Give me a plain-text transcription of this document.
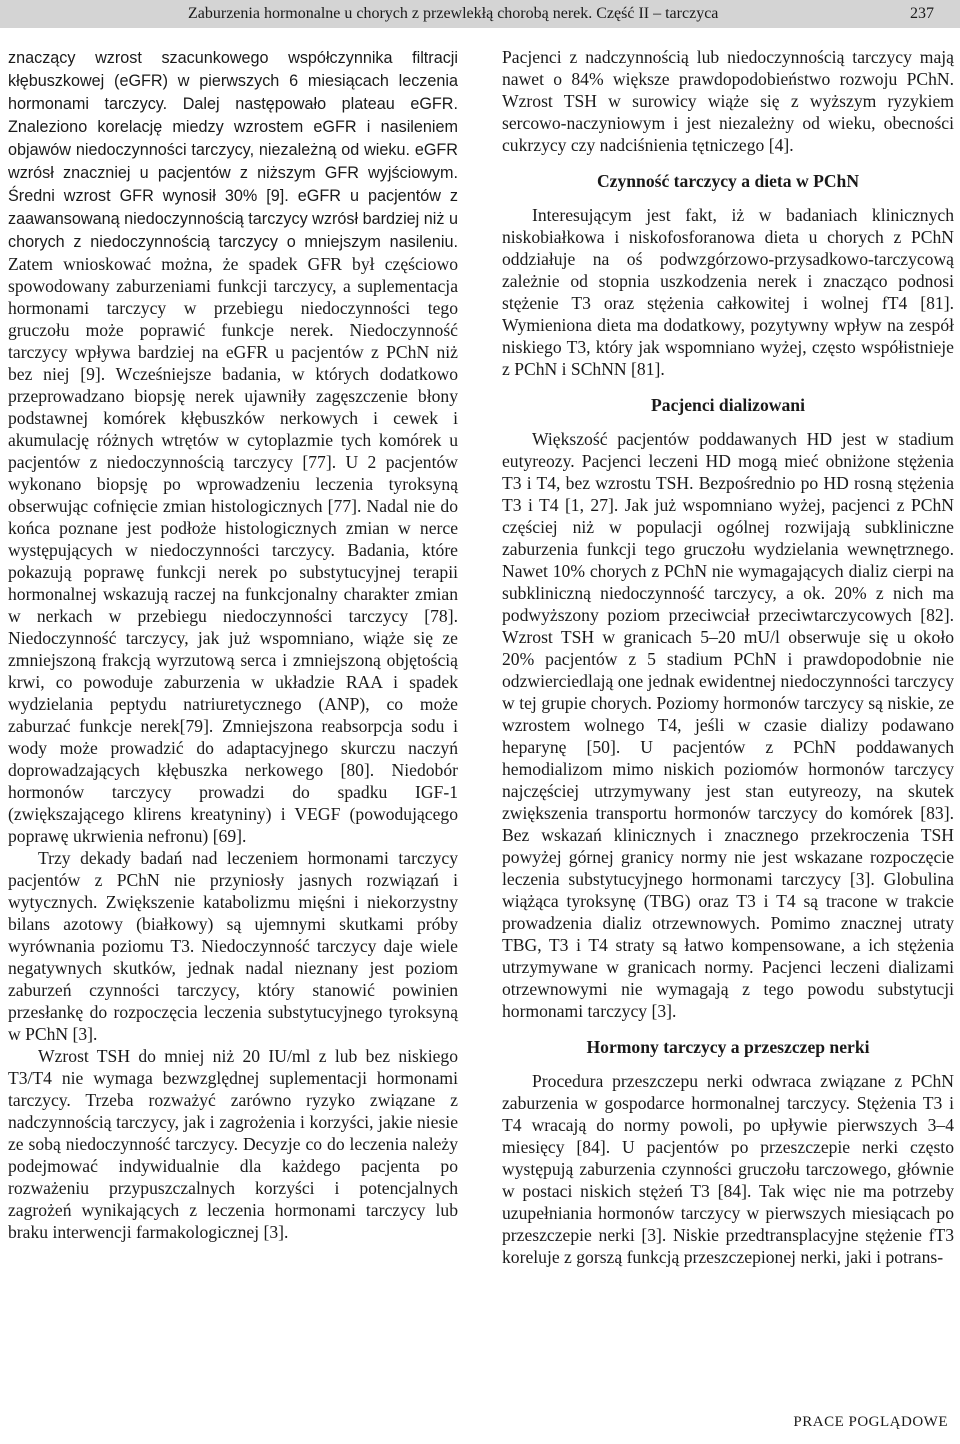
Zaburzenia hormonalne u chorych z przewlekłą chorobą nerek. Część II – tarczyca	237

znaczący wzrost szacunkowego współczynnika filtracji kłębuszkowej (eGFR) w pierwszych 6 miesiącach leczenia hormonami tarczycy. Dalej następowało plateau eGFR. Znaleziono korelację miedzy wzrostem eGFR i nasileniem objawów niedoczynności tarczycy, niezależną od wieku. eGFR wzrósł znaczniej u pacjentów z niższym GFR wyjściowym. Średni wzrost GFR wynosił 30% [9]. eGFR u pacjentów z zaawansowaną niedoczynnością tarczycy wzrósł bardziej niż u chorych z niedoczynnością tarczycy o mniejszym nasileniu. Zatem wnioskować można, że spadek GFR był częściowo spowodowany zaburzeniami funkcji tarczycy, a suplementacja hormonami tarczycy w przebiegu niedoczynności tego gruczołu może poprawić funkcje nerek. Niedoczynność tarczycy wpływa bardziej na eGFR u pacjentów z PChN niż bez niej [9]. Wcześniejsze badania, w których dodatkowo przeprowadzano biopsję nerek ujawniły zagęszczenie błony podstawnej komórek kłębuszków nerkowych i cewek i akumulację różnych wtrętów w cytoplazmie tych komórek u pacjentów z niedoczynnością tarczycy [77]. U 2 pacjentów wykonano biopsję po wprowadzeniu leczenia tyroksyną obserwując cofnięcie zmian histologicznych [77]. Nadal nie do końca poznane jest podłoże histologicznych zmian w nerce występujących w niedoczynności tarczycy. Badania, które pokazują poprawę funkcji nerek po substytucyjnej terapii hormonalnej wskazują raczej na funkcjonalny charakter zmian w nerkach w przebiegu niedoczynności tarczycy [78]. Niedoczynność tarczycy, jak już wspomniano, wiąże się ze zmniejszoną frakcją wyrzutową serca i zmniejszoną objętością krwi, co powoduje zaburzenia w układzie RAA i spadek wydzielania peptydu natriuretycznego (ANP), co może zaburzać funkcje nerek[79]. Zmniejszona reabsorpcja sodu i wody może prowadzić do adaptacyjnego skurczu naczyń doprowadzających kłębuszka nerkowego [80]. Niedobór hormonów tarczycy prowadzi do spadku IGF-1 (zwiększającego klirens kreatyniny) i VEGF (powodującego poprawę ukrwienia nefronu) [69].

Trzy dekady badań nad leczeniem hormonami tarczycy pacjentów z PChN nie przyniosły jasnych rozwiązań i wytycznych. Zwiększenie katabolizmu mięśni i niekorzystny bilans azotowy (białkowy) są ujemnymi skutkami próby wyrównania poziomu T3. Niedoczynność tarczycy daje wiele negatywnych skutków, jednak nadal nieznany jest poziom zaburzeń czynności tarczycy, który stanowić powinien przesłankę do rozpoczęcia leczenia substytucyjnego tyroksyną w PChN [3].

Wzrost TSH do mniej niż 20 IU/ml z lub bez niskiego T3/T4 nie wymaga bezwzględnej suplementacji hormonami tarczycy. Trzeba rozważyć zarówno ryzyko związane z nadczynnością tarczycy, jak i zagrożenia i korzyści, jakie niesie ze sobą niedoczynność tarczycy. Decyzje co do leczenia należy podejmować indywidualnie dla każdego pacjenta po rozważeniu przypuszczalnych korzyści i potencjalnych zagrożeń wynikających z leczenia hormonami tarczycy lub braku interwencji farmakologicznej [3].

Pacjenci z nadczynnością lub niedoczynnością tarczycy mają nawet o 84% większe prawdopodobieństwo rozwoju PChN. Wzrost TSH w surowicy wiąże się z wyższym ryzykiem sercowo-naczyniowym i jest niezależny od wieku, obecności cukrzycy czy nadciśnienia tętniczego [4].

Czynność tarczycy a dieta w PChN

Interesującym jest fakt, iż w badaniach klinicznych niskobiałkowa i niskofosforanowa dieta u chorych z PChN oddziałuje na oś podwzgórzowo-przysadkowo-tarczycową zależnie od stopnia uszkodzenia nerek i znacząco podnosi stężenie T3 oraz stężenia całkowitej i wolnej fT4 [81]. Wymieniona dieta ma dodatkowy, pozytywny wpływ na zespół niskiego T3, który jak wspomniano wyżej, często współistnieje z PChN i SChNN [81].

Pacjenci dializowani

Większość pacjentów poddawanych HD jest w stadium eutyreozy. Pacjenci leczeni HD mogą mieć obniżone stężenia T3 i T4, bez wzrostu TSH. Bezpośrednio po HD rosną stężenia T3 i T4 [1, 27]. Jak już wspomniano wyżej, pacjenci z PChN częściej niż w populacji ogólnej rozwijają subkliniczne zaburzenia funkcji tego gruczołu wydzielania wewnętrznego. Nawet 10% chorych z PChN nie wymagających dializ cierpi na subkliniczną niedoczynność tarczycy, a ok. 20% z nich ma podwyższony poziom przeciwciał przeciwtarczycowych [82]. Wzrost TSH w granicach 5–20 mU/l obserwuje się u około 20% pacjentów z 5 stadium PChN i prawdopodobnie nie odzwierciedlają one jednak ewidentnej niedoczynności tarczycy w tej grupie chorych. Poziomy hormonów tarczycy są niskie, ze wzrostem wolnego T4, jeśli w czasie dializy podawano heparynę [50]. U pacjentów z PChN poddawanych hemodializom mimo niskich poziomów hormonów tarczycy najczęściej utrzymywany jest stan eutyreozy, na skutek zwiększenia transportu hormonów tarczycy do komórek [83]. Bez wskazań klinicznych i znacznego przekroczenia TSH powyżej górnej granicy normy nie jest wskazane rozpoczęcie leczenia substytucyjnego hormonami tarczycy [3]. Globulina wiążąca tyroksynę (TBG) oraz T3 i T4 są tracone w trakcie prowadzenia dializ otrzewnowych. Pomimo znacznej utraty TBG, T3 i T4 straty są łatwo kompensowane, a ich stężenia utrzymywane w granicach normy. Pacjenci leczeni dializami otrzewnowymi nie wymagają z tego powodu substytucji hormonami tarczycy [3].

Hormony tarczycy a przeszczep nerki

Procedura przeszczepu nerki odwraca związane z PChN zaburzenia w gospodarce hormonalnej tarczycy. Stężenia T3 i T4 wracają do normy powoli, po upływie pierwszych 3–4 miesięcy [84]. U pacjentów po przeszczepie nerki często występują zaburzenia czynności gruczołu tarczowego, głównie w postaci niskich stężeń T3 [84]. Tak więc nie ma potrzeby uzupełniania hormonów tarczycy w pierwszych miesiącach po przeszczepie nerki [3]. Niskie przedtransplacyjne stężenie fT3 koreluje z gorszą funkcją przeszczepionej nerki, jaki i potrans-

PRACE POGLĄDOWE
